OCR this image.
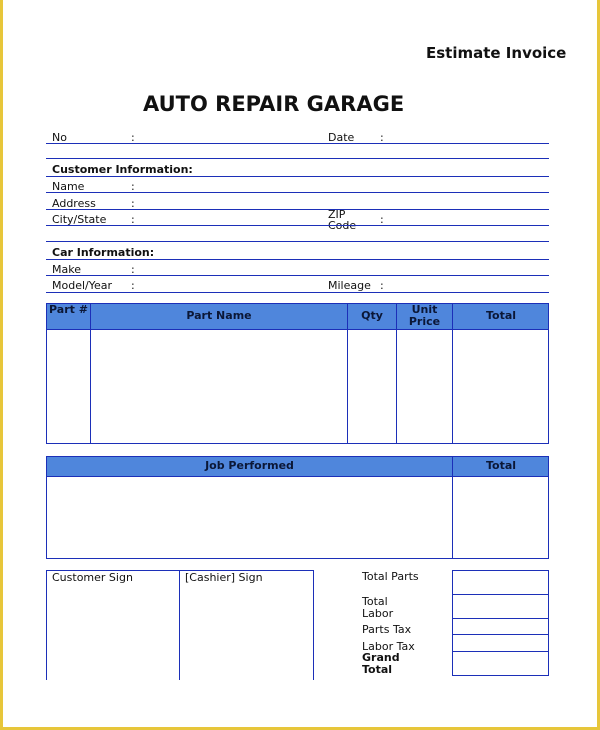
Estimate Invoice
AUTO REPAIR GARAGE
No	:	Date :
Customer Information:
Name	:
Address	:
City/State :	ZIP Code	:
Car Information:
Make	:
Model/Year :	Mileage :
Part #	Part Name	Qty	Unit Price	Total
Job Performed	Total
Customer Sign	[Cashier] Sign	Total Parts
Total Labor
Parts Tax
Labor Tax
Grand Total
